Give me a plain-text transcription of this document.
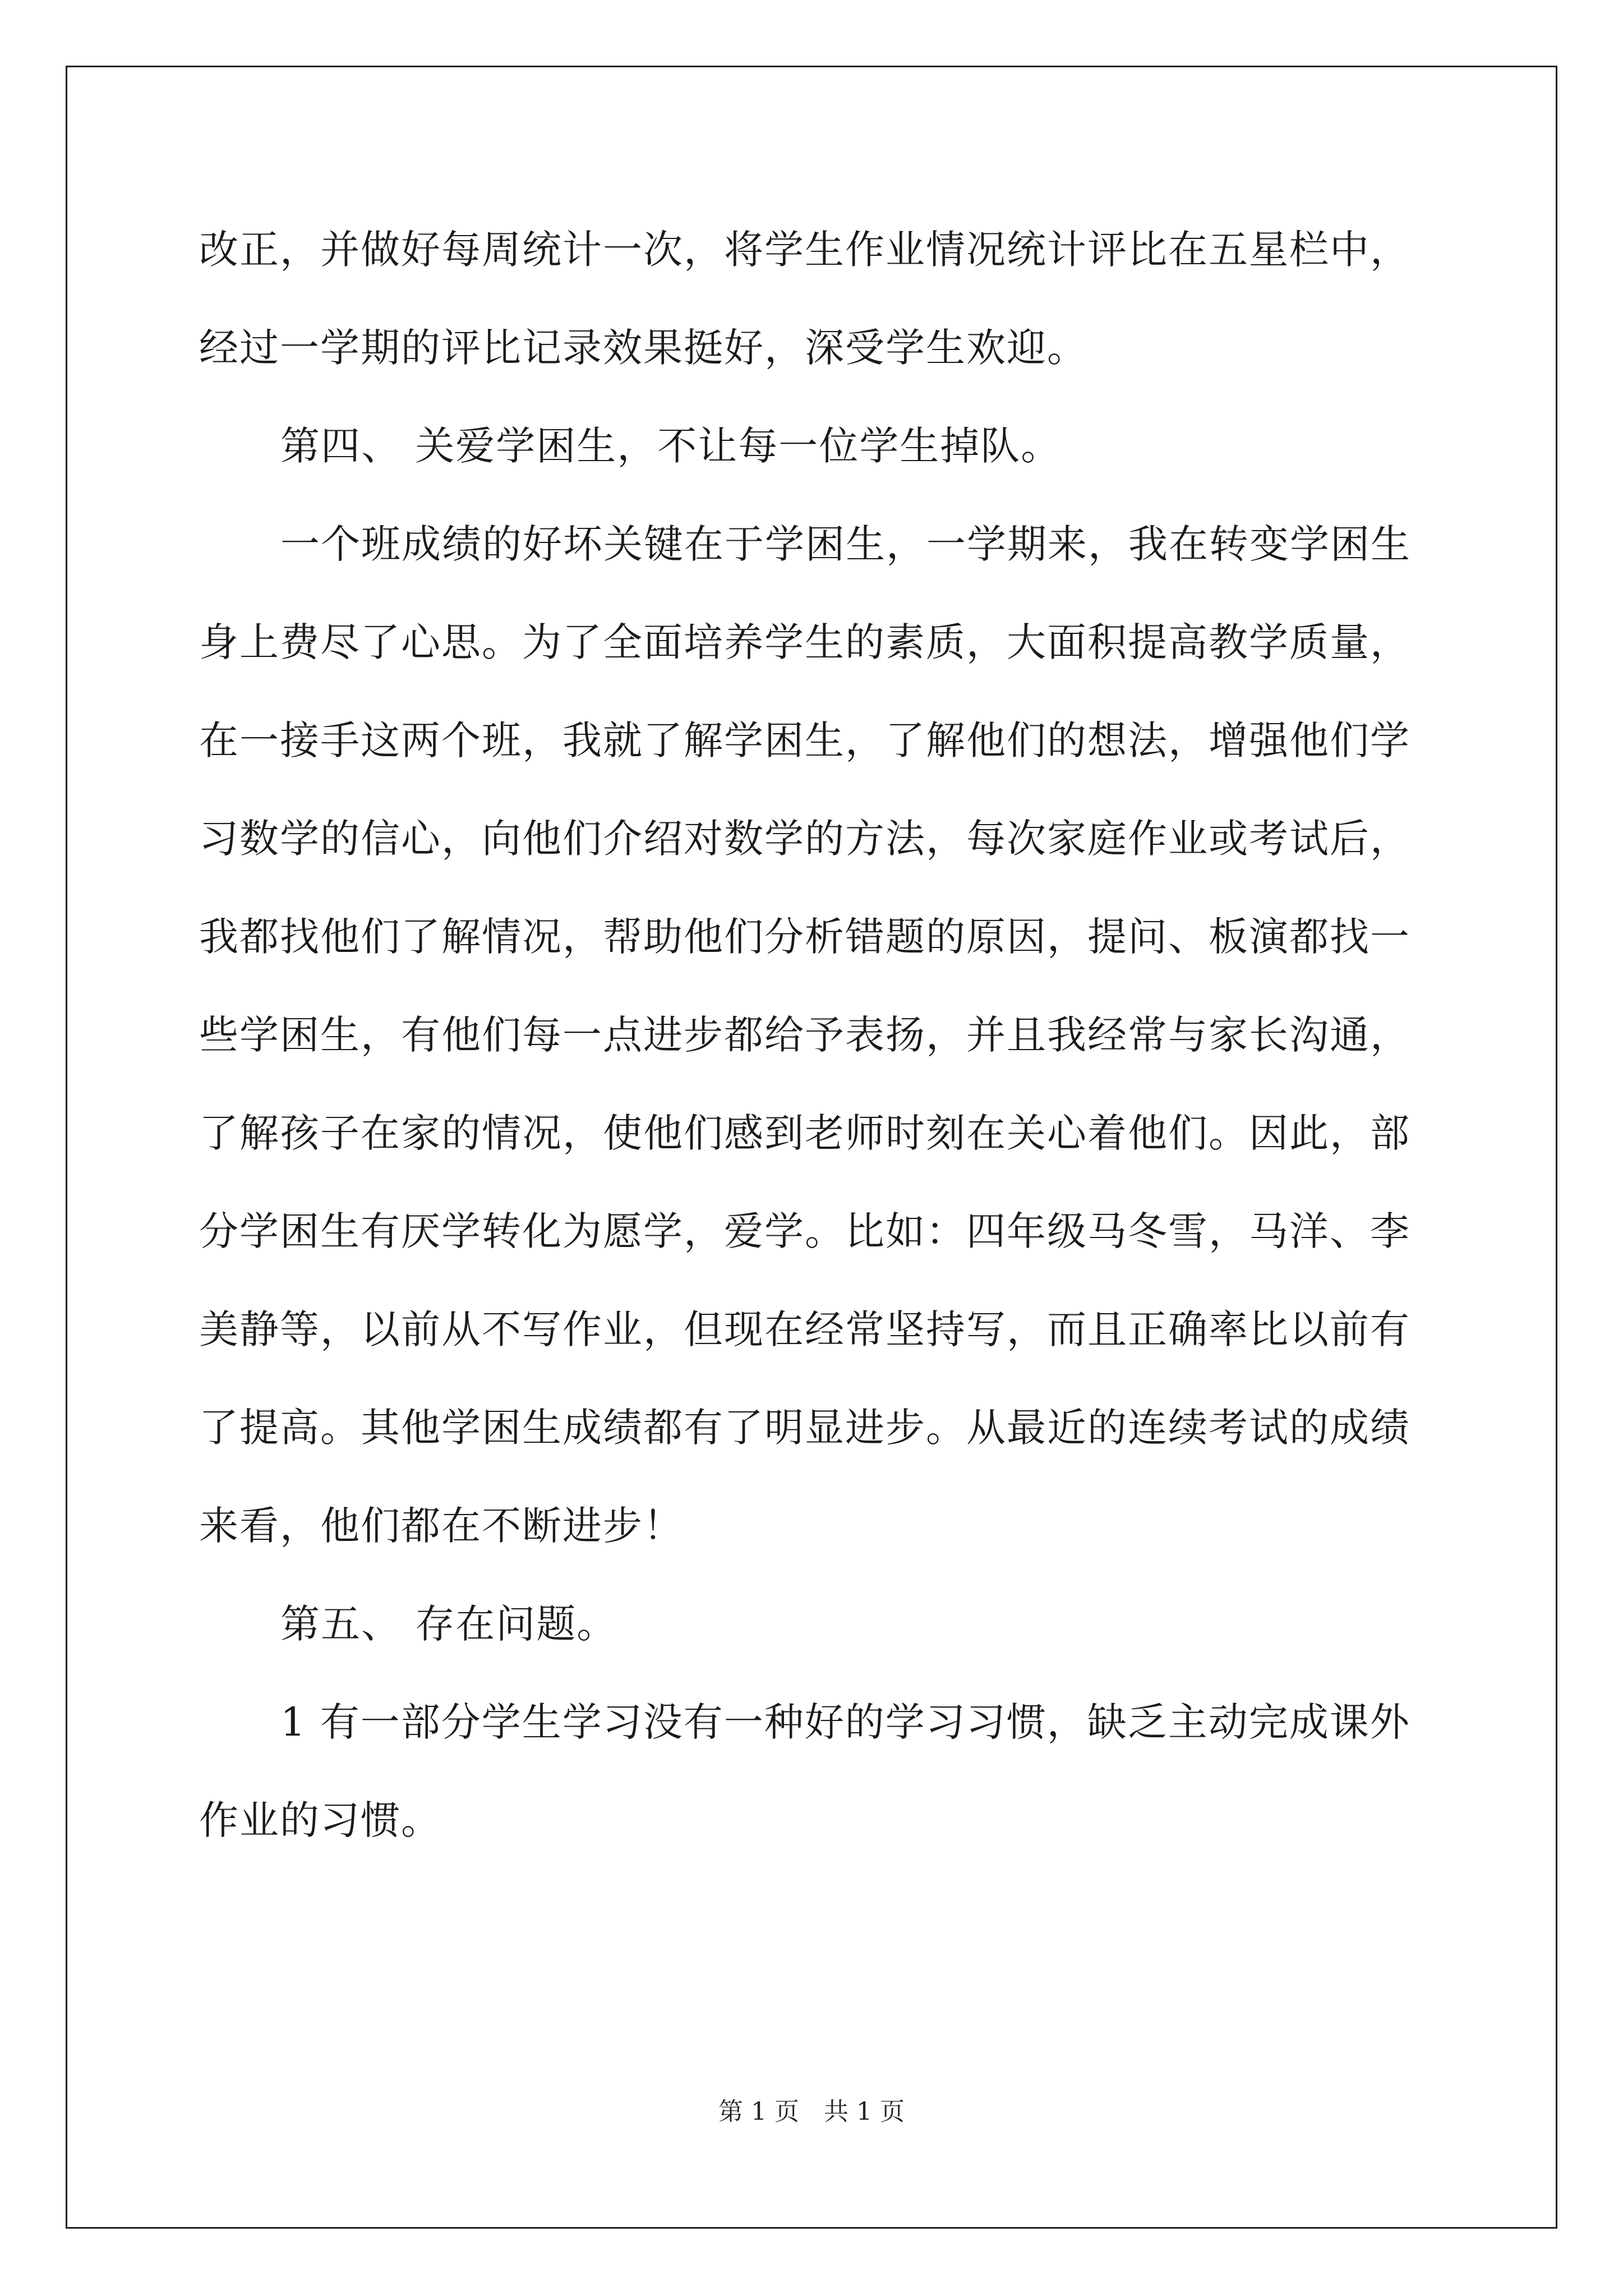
改正，并做好每周统计一次，将学生作业情况统计评比在五星栏中，
经过一学期的评比记录效果挺好，深受学生欢迎。
第四、 关爱学困生，不让每一位学生掉队。
一个班成绩的好坏关键在于学困生，一学期来，我在转变学困生
身上费尽了心思。为了全面培养学生的素质，大面积提高教学质量，
在一接手这两个班，我就了解学困生，了解他们的想法，增强他们学
习数学的信心，向他们介绍对数学的方法，每次家庭作业或考试后，
我都找他们了解情况，帮助他们分析错题的原因，提问、板演都找一
些学困生，有他们每一点进步都给予表扬，并且我经常与家长沟通，
了解孩子在家的情况，使他们感到老师时刻在关心着他们。因此，部
分学困生有厌学转化为愿学，爱学。比如：四年级马冬雪，马洋、李
美静等，以前从不写作业，但现在经常坚持写，而且正确率比以前有
了提高。其他学困生成绩都有了明显进步。从最近的连续考试的成绩
来看，他们都在不断进步！
第五、 存在问题。
1 有一部分学生学习没有一种好的学习习惯，缺乏主动完成课外
作业的习惯。
第 1 页　共 1 页
